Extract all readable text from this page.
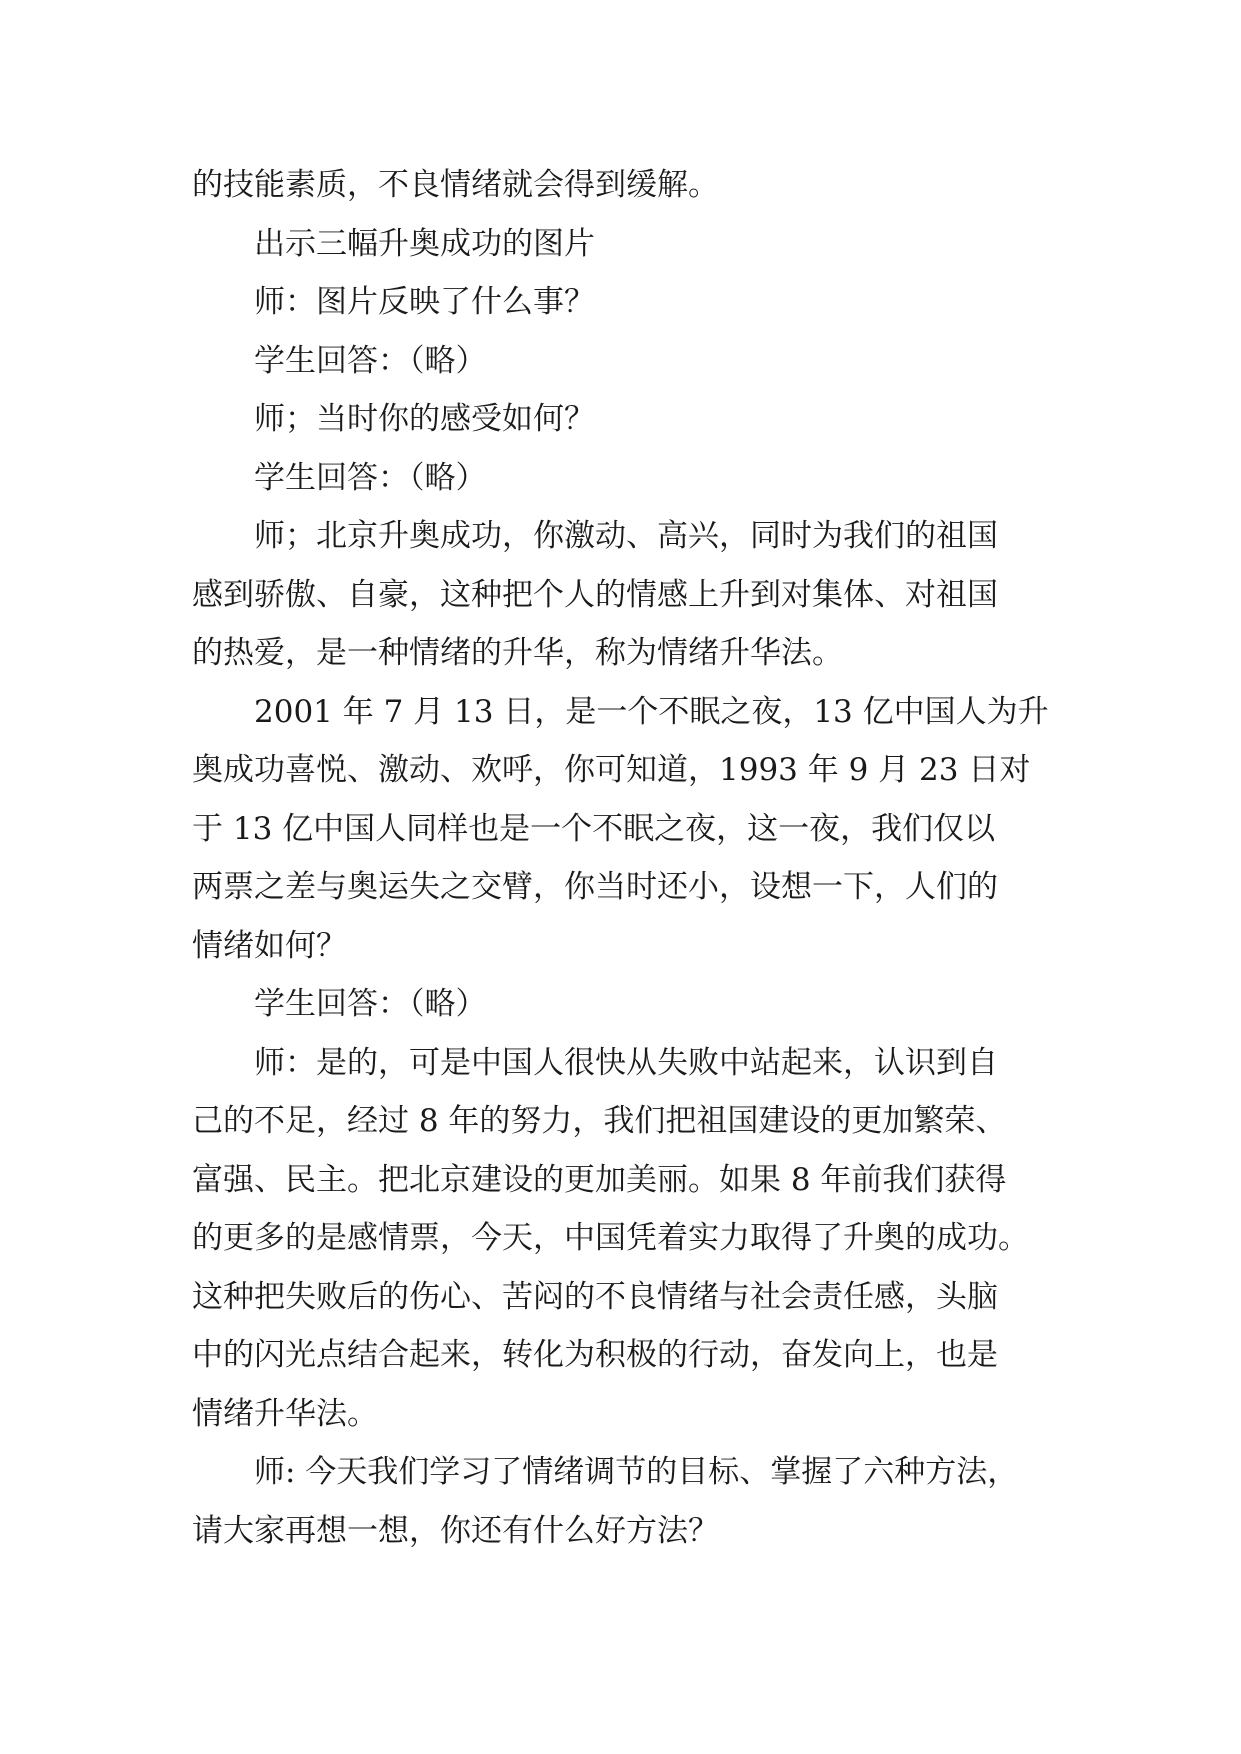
的技能素质，不良情绪就会得到缓解。
出示三幅升奥成功的图片
师：图片反映了什么事？
学生回答：（略）
师；当时你的感受如何？
学生回答：（略）
师；北京升奥成功，你激动、高兴，同时为我们的祖国
感到骄傲、自豪，这种把个人的情感上升到对集体、对祖国
的热爱，是一种情绪的升华，称为情绪升华法。
2001 年 7 月 13 日，是一个不眠之夜，13 亿中国人为升
奥成功喜悦、激动、欢呼，你可知道，1993 年 9 月 23 日对
于 13 亿中国人同样也是一个不眠之夜，这一夜，我们仅以
两票之差与奥运失之交臂，你当时还小，设想一下，人们的
情绪如何？
学生回答：（略）
师：是的，可是中国人很快从失败中站起来，认识到自
己的不足，经过 8 年的努力，我们把祖国建设的更加繁荣、
富强、民主。把北京建设的更加美丽。如果 8 年前我们获得
的更多的是感情票，今天，中国凭着实力取得了升奥的成功。
这种把失败后的伤心、苦闷的不良情绪与社会责任感，头脑
中的闪光点结合起来，转化为积极的行动，奋发向上，也是
情绪升华法。
师: 今天我们学习了情绪调节的目标、掌握了六种方法，
请大家再想一想，你还有什么好方法？
